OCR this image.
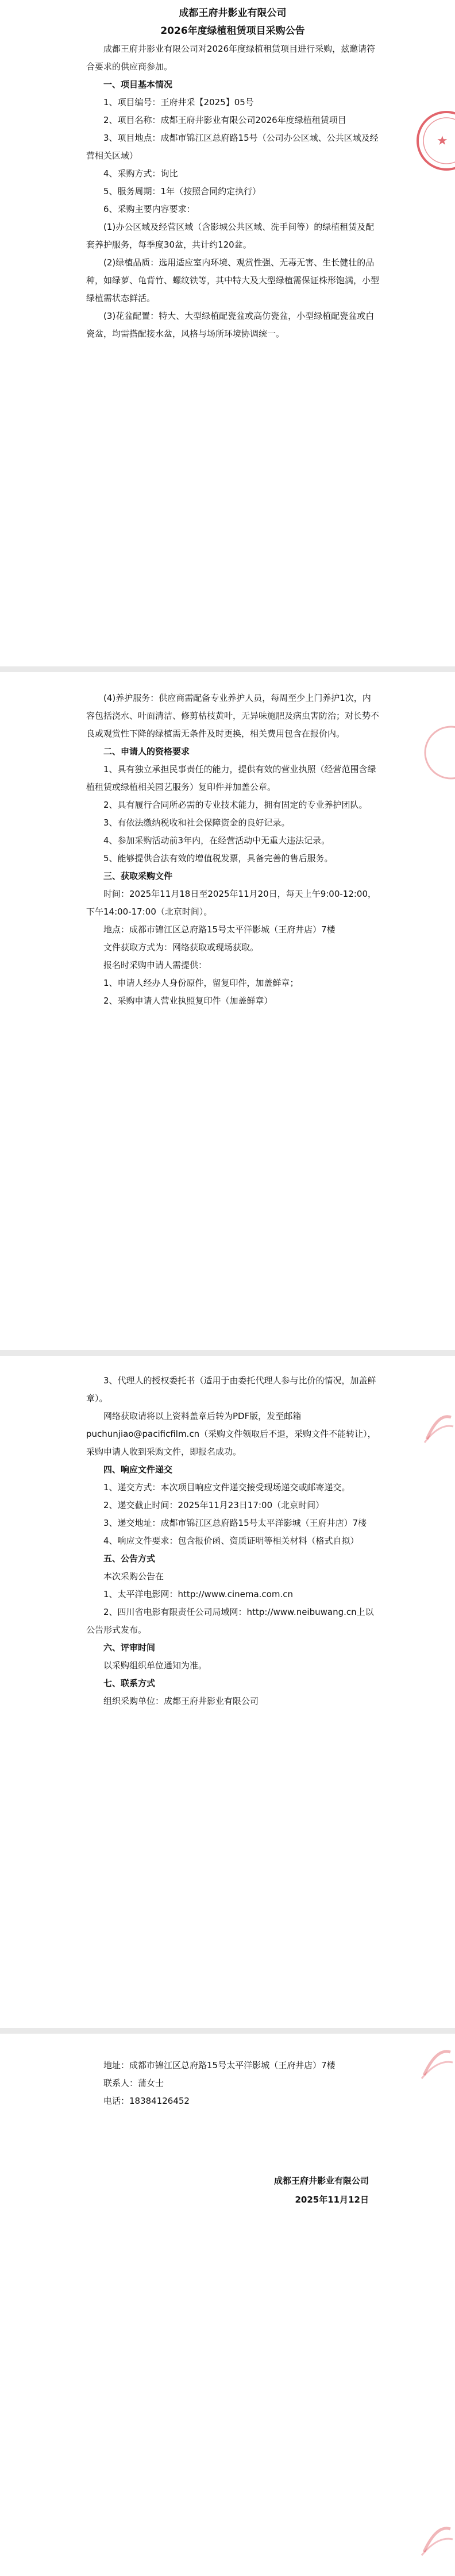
成都王府井影业有限公司

2026年度绿植租赁项目采购公告

成都王府井影业有限公司对2026年度绿植租赁项目进行采购，兹邀请符合要求的供应商参加。

一、项目基本情况

1、项目编号：王府井采【2025】05号

2、项目名称：成都王府井影业有限公司2026年度绿植租赁项目

3、项目地点：成都市锦江区总府路15号（公司办公区域、公共区域及经营相关区域）

4、采购方式：询比

5、服务周期：1年（按照合同约定执行）

6、采购主要内容要求：

(1)办公区域及经营区域（含影城公共区域、洗手间等）的绿植租赁及配套养护服务，每季度30盆，共计约120盆。

(2)绿植品质：选用适应室内环境、观赏性强、无毒无害、生长健壮的品种，如绿萝、龟背竹、螺纹铁等，其中特大及大型绿植需保证株形饱满，小型绿植需状态鲜活。

(3)花盆配置：特大、大型绿植配瓷盆或高仿瓷盆，小型绿植配瓷盆或白瓷盆，均需搭配接水盆，风格与场所环境协调统一。

★

(4)养护服务：供应商需配备专业养护人员，每周至少上门养护1次，内容包括浇水、叶面清洁、修剪枯枝黄叶，无异味施肥及病虫害防治；对长势不良或观赏性下降的绿植需无条件及时更换，相关费用包含在报价内。

二、申请人的资格要求

1、具有独立承担民事责任的能力，提供有效的营业执照（经营范围含绿植租赁或绿植相关园艺服务）复印件并加盖公章。

2、具有履行合同所必需的专业技术能力，拥有固定的专业养护团队。

3、有依法缴纳税收和社会保障资金的良好记录。

4、参加采购活动前3年内，在经营活动中无重大违法记录。

5、能够提供合法有效的增值税发票，具备完善的售后服务。

三、获取采购文件

时间：2025年11月18日至2025年11月20日，每天上午9:00-12:00，下午14:00-17:00（北京时间）。

地点：成都市锦江区总府路15号太平洋影城（王府井店）7楼

文件获取方式为：网络获取或现场获取。

报名时采购申请人需提供：

1、申请人经办人身份原件，留复印件，加盖鲜章；

2、采购申请人营业执照复印件（加盖鲜章）

3、代理人的授权委托书（适用于由委托代理人参与比价的情况，加盖鲜章）。

网络获取请将以上资料盖章后转为PDF版，发至邮箱 puchunjiao@pacificfilm.cn（采购文件领取后不退，采购文件不能转让），采购申请人收到采购文件，即报名成功。

四、响应文件递交

1、递交方式：本次项目响应文件递交接受现场递交或邮寄递交。

2、递交截止时间：2025年11月23日17:00（北京时间）

3、递交地址：成都市锦江区总府路15号太平洋影城（王府井店）7楼

4、响应文件要求：包含报价函、资质证明等相关材料（格式自拟）

五、公告方式

本次采购公告在

1、太平洋电影网：http://www.cinema.com.cn

2、四川省电影有限责任公司局域网：http://www.neibuwang.cn上以公告形式发布。

六、评审时间

以采购组织单位通知为准。

七、联系方式

组织采购单位：成都王府井影业有限公司

地址：成都市锦江区总府路15号太平洋影城（王府井店）7楼

联系人：蒲女士

电话：18384126452

成都王府井影业有限公司
2025年11月12日
